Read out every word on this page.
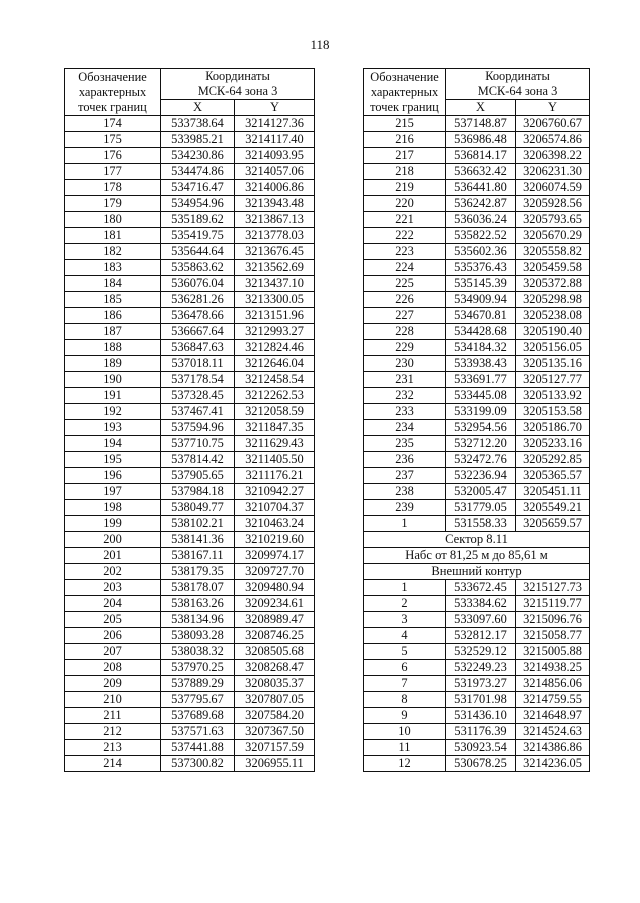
118
Обозначение
характерных
точек границ	Координаты
МСК-64 зона 3	

	X	Y
174	533738.64	3214127.36
175	533985.21	3214117.40
176	534230.86	3214093.95
177	534474.86	3214057.06
178	534716.47	3214006.86
179	534954.96	3213943.48
180	535189.62	3213867.13
181	535419.75	3213778.03
182	535644.64	3213676.45
183	535863.62	3213562.69
184	536076.04	3213437.10
185	536281.26	3213300.05
186	536478.66	3213151.96
187	536667.64	3212993.27
188	536847.63	3212824.46
189	537018.11	3212646.04
190	537178.54	3212458.54
191	537328.45	3212262.53
192	537467.41	3212058.59
193	537594.96	3211847.35
194	537710.75	3211629.43
195	537814.42	3211405.50
196	537905.65	3211176.21
197	537984.18	3210942.27
198	538049.77	3210704.37
199	538102.21	3210463.24
200	538141.36	3210219.60
201	538167.11	3209974.17
202	538179.35	3209727.70
203	538178.07	3209480.94
204	538163.26	3209234.61
205	538134.96	3208989.47
206	538093.28	3208746.25
207	538038.32	3208505.68
208	537970.25	3208268.47
209	537889.29	3208035.37
210	537795.67	3207807.05
211	537689.68	3207584.20
212	537571.63	3207367.50
213	537441.88	3207157.59
214	537300.82	3206955.11
Обозначение
характерных
точек границ	Координаты
МСК-64 зона 3	

	X	Y
215	537148.87	3206760.67
216	536986.48	3206574.86
217	536814.17	3206398.22
218	536632.42	3206231.30
219	536441.80	3206074.59
220	536242.87	3205928.56
221	536036.24	3205793.65
222	535822.52	3205670.29
223	535602.36	3205558.82
224	535376.43	3205459.58
225	535145.39	3205372.88
226	534909.94	3205298.98
227	534670.81	3205238.08
228	534428.68	3205190.40
229	534184.32	3205156.05
230	533938.43	3205135.16
231	533691.77	3205127.77
232	533445.08	3205133.92
233	533199.09	3205153.58
234	532954.56	3205186.70
235	532712.20	3205233.16
236	532472.76	3205292.85
237	532236.94	3205365.57
238	532005.47	3205451.11
239	531779.05	3205549.21
1	531558.33	3205659.57
Сектор 8.11		
Набс от 81,25 м до 85,61 м		
Внешний контур		
1	533672.45	3215127.73
2	533384.62	3215119.77
3	533097.60	3215096.76
4	532812.17	3215058.77
5	532529.12	3215005.88
6	532249.23	3214938.25
7	531973.27	3214856.06
8	531701.98	3214759.55
9	531436.10	3214648.97
10	531176.39	3214524.63
11	530923.54	3214386.86
12	530678.25	3214236.05
